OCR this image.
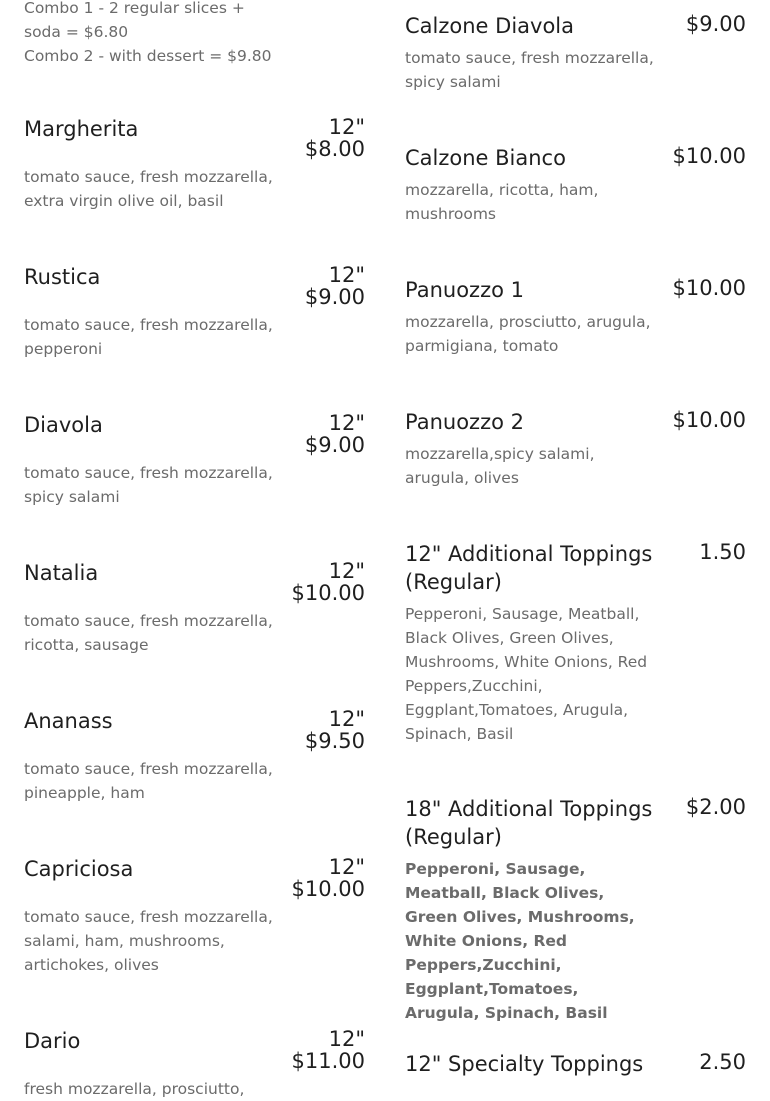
Combo 1 - 2 regular slices +
soda = $6.80
Combo 2 - with dessert = $9.80
Margherita
tomato sauce, fresh mozzarella, extra virgin olive oil, basil
12"
$8.00
Rustica
tomato sauce, fresh mozzarella, pepperoni
12"
$9.00
Diavola
tomato sauce, fresh mozzarella, spicy salami
12"
$9.00
Natalia
tomato sauce, fresh mozzarella, ricotta, sausage
12"
$10.00
Ananass
tomato sauce, fresh mozzarella, pineapple, ham
12"
$9.50
Capriciosa
tomato sauce, fresh mozzarella, salami, ham, mushrooms, artichokes, olives
12"
$10.00
Dario
fresh mozzarella, prosciutto,
12"
$11.00
Calzone Diavola
tomato sauce, fresh mozzarella, spicy salami
$9.00
Calzone Bianco
mozzarella, ricotta, ham, mushrooms
$10.00
Panuozzo 1
mozzarella, prosciutto, arugula, parmigiana, tomato
$10.00
Panuozzo 2
mozzarella,spicy salami, arugula, olives
$10.00
12" Additional Toppings (Regular)
Pepperoni, Sausage, Meatball, Black Olives, Green Olives, Mushrooms, White Onions, Red Peppers,Zucchini, Eggplant,Tomatoes, Arugula, Spinach, Basil
1.50
18" Additional Toppings (Regular)
Pepperoni, Sausage, Meatball, Black Olives, Green Olives, Mushrooms, White Onions, Red Peppers,Zucchini, Eggplant,Tomatoes, Arugula, Spinach, Basil
$2.00
12" Specialty Toppings	2.50
